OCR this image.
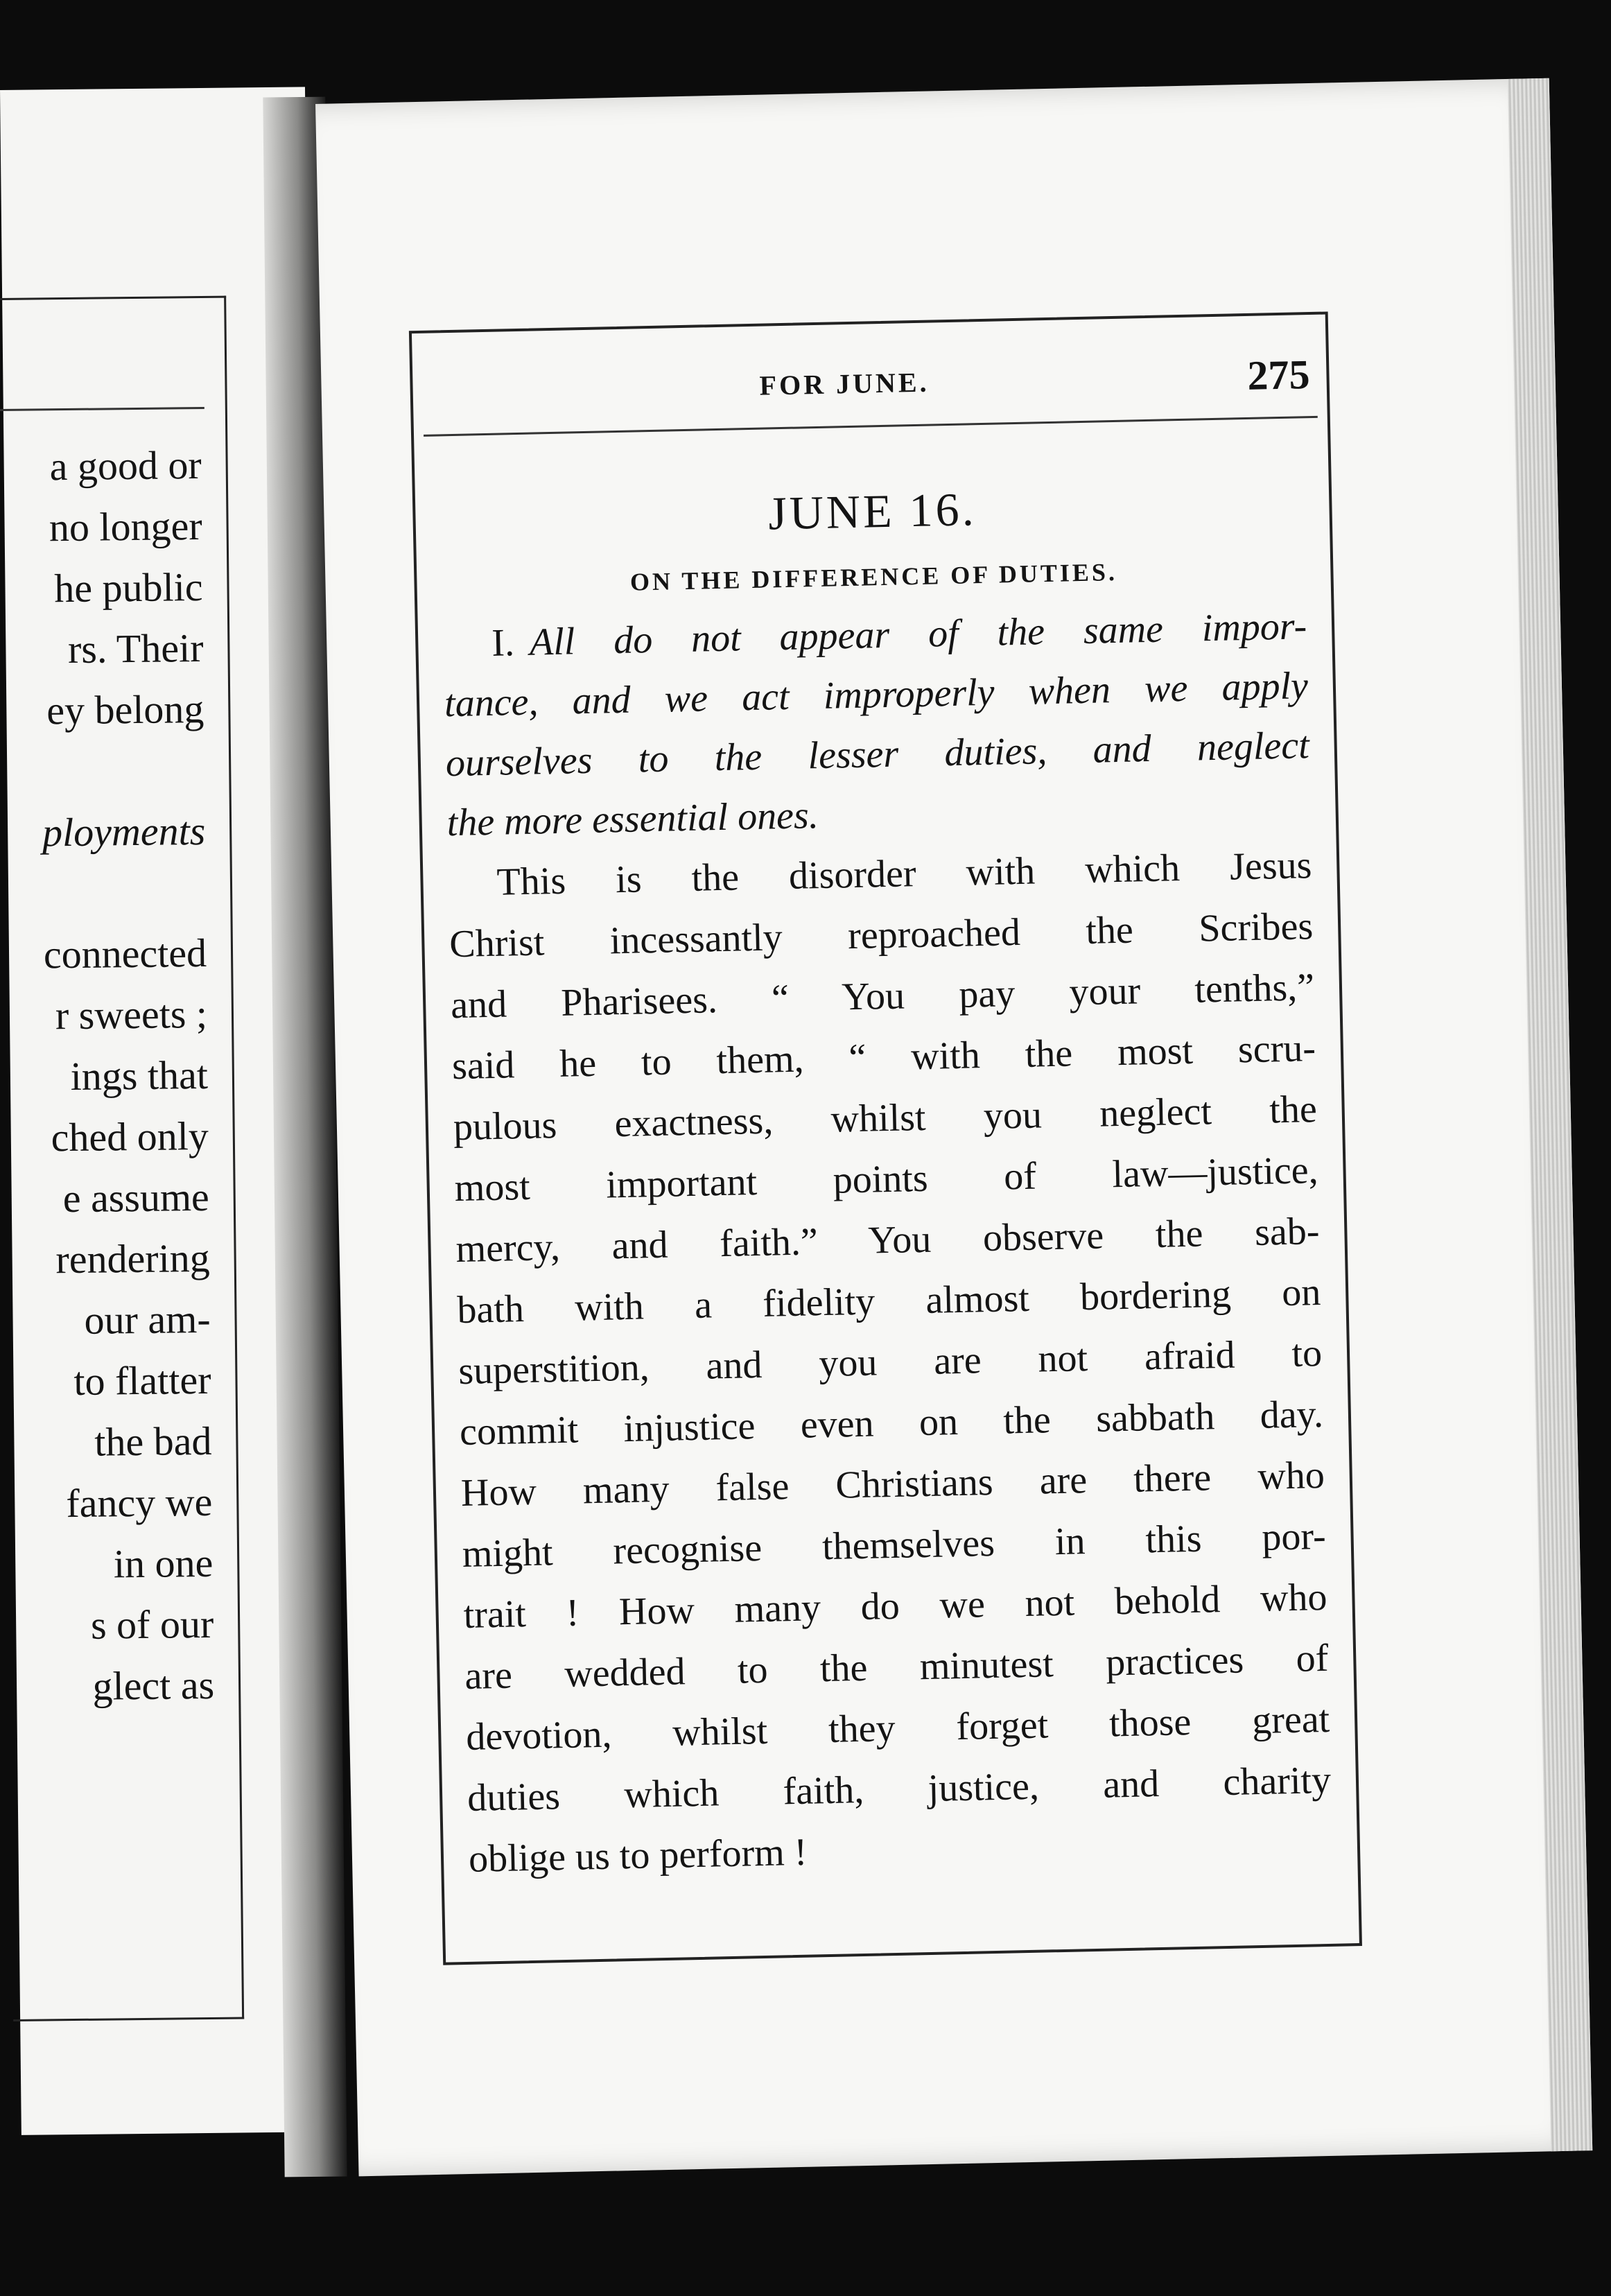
a good or
no longer
he public
rs. Their
ey belong
ployments
connected
r sweets ;
ings that
ched only
e assume
rendering
our am-
to flatter
the bad
fancy we
in one
s of our
glect as
FOR JUNE.	275
JUNE 16.
ON THE DIFFERENCE OF DUTIES.
I. All do not appear of the same impor-
tance, and we act improperly when we apply
ourselves to the lesser duties, and neglect
the more essential ones.
This is the disorder with which Jesus
Christ incessantly reproached the Scribes
and Pharisees. “ You pay your tenths,”
said he to them, “ with the most scru-
pulous exactness, whilst you neglect the
most important points of law—justice,
mercy, and faith.” You observe the sab-
bath with a fidelity almost bordering on
superstition, and you are not afraid to
commit injustice even on the sabbath day.
How many false Christians are there who
might recognise themselves in this por-
trait ! How many do we not behold who
are wedded to the minutest practices of
devotion, whilst they forget those great
duties which faith, justice, and charity
oblige us to perform !
